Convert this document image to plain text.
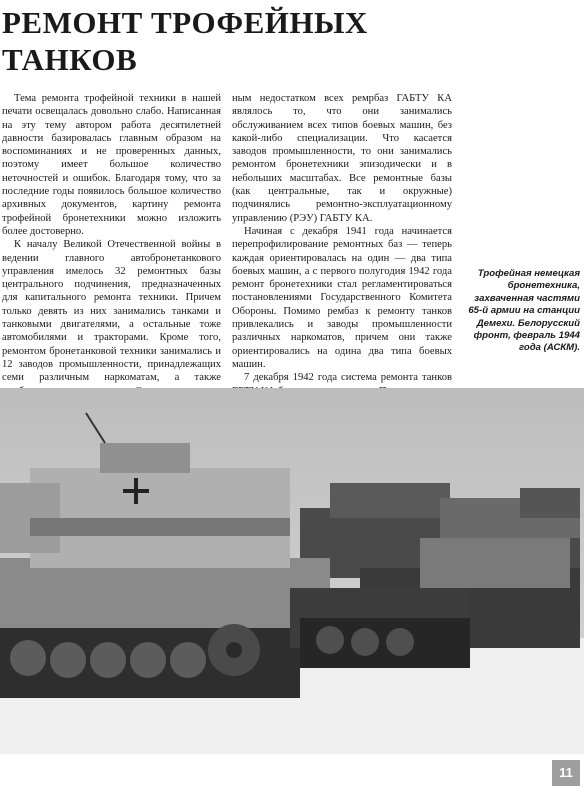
РЕМОНТ ТРОФЕЙНЫХ
ТАНКОВ

Тема ремонта трофейной техники в нашей печати освещалась довольно слабо. Написанная на эту тему автором работа десятилетней давности базировалась главным образом на воспоминаниях и не проверенных данных, поэтому имеет большое количество неточностей и ошибок. Благодаря тому, что за последние годы появилось большое количество архивных документов, картину ремонта трофейной бронетехники можно изложить более достоверно.

К началу Великой Отечественной войны в ведении главного автобронетанкового управления имелось 32 ремонтных базы центрального подчинения, предназначенных для капитального ремонта техники. Причем только девять из них занимались танками и танковыми двигателями, а остальные тоже автомобилями и тракторами. Кроме того, ремонтом бронетанковой техники занимались и 12 заводов промышленности, принадлежащих семи различным наркоматам, а также

ным недостатком всех ремрбаз ГАБТУ КА являлось то, что они занимались обслуживанием всех типов боевых машин, без какой-либо специализации. Что касается заводов промышленности, то они занимались ремонтом бронетехники эпизодически и в небольших масштабах. Все ремонтные базы (как центральные, так и окружные) подчинялись ремонтно-эксплуатационному управлению (РЭУ) ГАБТУ КА.

Начиная с декабря 1941 года начинается перепрофилирование ремонтных баз — теперь каждая ориентировалась на один — два типа боевых машин, а с первого полугодия 1942 года ремонт бронетехники стал регламентироваться постановлениями Государственного Комитета Обороны. Помимо рембаз к ремонту танков привлекались и заводы промышленности различных наркоматов, причем они также ориентировались на одина два типа боевых машин.

7 декабря 1942 года система ремонта танков

Трофейная немецкая бронетехника, захваченная частями 65-й армии на станции Демехи. Белорусский фронт, февраль 1944 года (АСКМ).
11
